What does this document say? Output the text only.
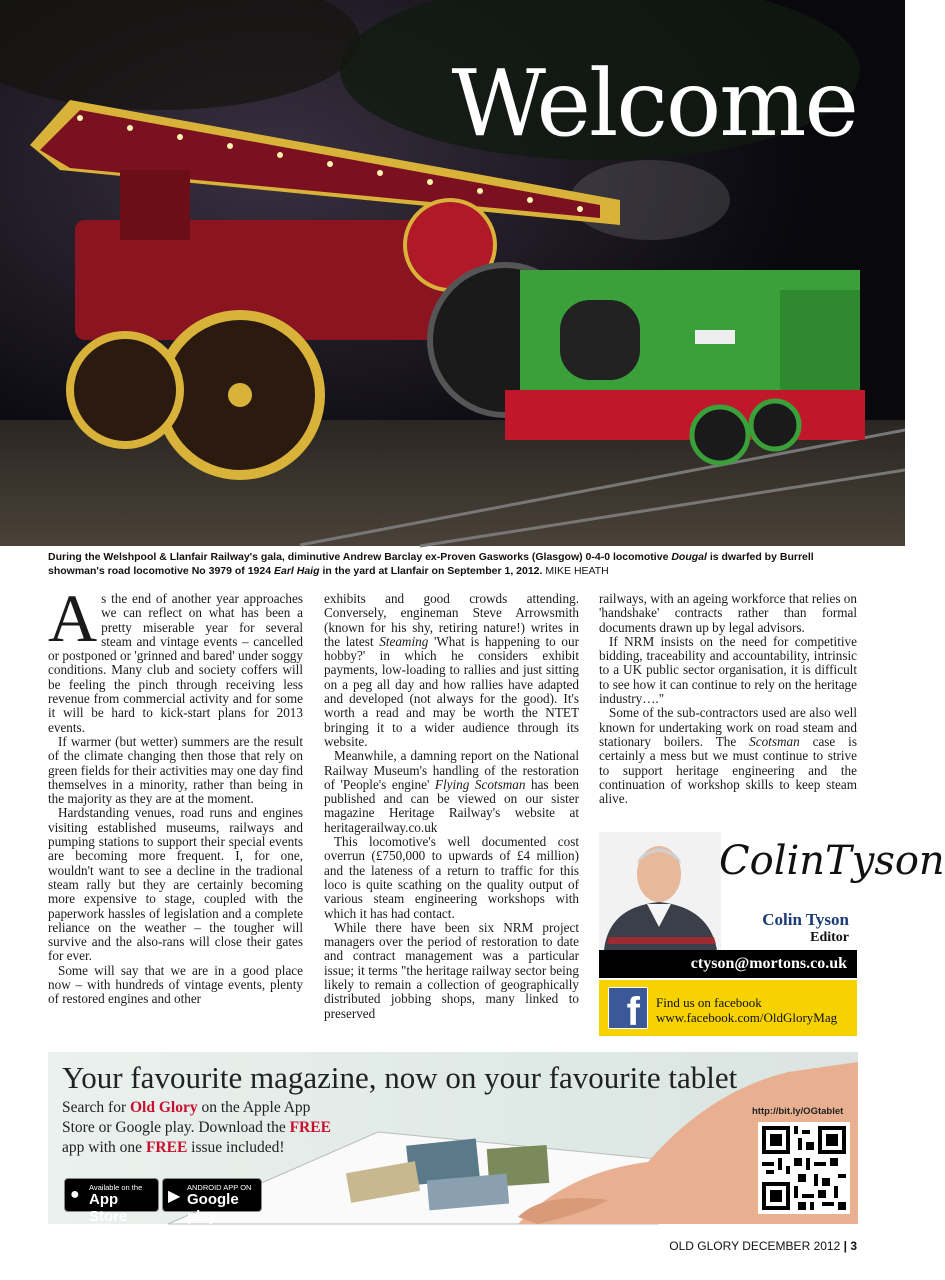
Welcome
During the Welshpool & Llanfair Railway's gala, diminutive Andrew Barclay ex-Proven Gasworks (Glasgow) 0-4-0 locomotive Dougal is dwarfed by Burrell showman's road locomotive No 3979 of 1924 Earl Haig in the yard at Llanfair on September 1, 2012. MIKE HEATH

As the end of another year approaches we can reflect on what has been a pretty miserable year for several steam and vintage events – cancelled or postponed or 'grinned and bared' under soggy conditions. Many club and society coffers will be feeling the pinch through receiving less revenue from commercial activity and for some it will be hard to kick-start plans for 2013 events.

If warmer (but wetter) summers are the result of the climate changing then those that rely on green fields for their activities may one day find themselves in a minority, rather than being in the majority as they are at the moment.

Hardstanding venues, road runs and engines visiting established museums, railways and pumping stations to support their special events are becoming more frequent. I, for one, wouldn't want to see a decline in the tradional steam rally but they are certainly becoming more expensive to stage, coupled with the paperwork hassles of legislation and a complete reliance on the weather – the tougher will survive and the also-rans will close their gates for ever.

Some will say that we are in a good place now – with hundreds of vintage events, plenty of restored engines and other

exhibits and good crowds attending. Conversely, engineman Steve Arrowsmith (known for his shy, retiring nature!) writes in the latest Steaming 'What is happening to our hobby?' in which he considers exhibit payments, low-loading to rallies and just sitting on a peg all day and how rallies have adapted and developed (not always for the good). It's worth a read and may be worth the NTET bringing it to a wider audience through its website.

Meanwhile, a damning report on the National Railway Museum's handling of the restoration of 'People's engine' Flying Scotsman has been published and can be viewed on our sister magazine Heritage Railway's website at heritagerailway.co.uk

This locomotive's well documented cost overrun (£750,000 to upwards of £4 million) and the lateness of a return to traffic for this loco is quite scathing on the quality output of various steam engineering workshops with which it has had contact.

While there have been six NRM project managers over the period of restoration to date and contract management was a particular issue; it terms "the heritage railway sector being likely to remain a collection of geographically distributed jobbing shops, many linked to preserved

railways, with an ageing workforce that relies on 'handshake' contracts rather than formal documents drawn up by legal advisors.

If NRM insists on the need for competitive bidding, traceability and accountability, intrinsic to a UK public sector organisation, it is difficult to see how it can continue to rely on the heritage industry…."

Some of the sub-contractors used are also well known for undertaking work on road steam and stationary boilers. The Scotsman case is certainly a mess but we must continue to strive to support heritage engineering and the continuation of workshop skills to keep steam alive.

ColinTyson
Colin Tyson
Editor
ctyson@mortons.co.uk
f	Find us on facebook
www.facebook.com/OldGloryMag
Your favourite magazine, now on your favourite tablet
Search for Old Glory on the Apple App Store or Google play. Download the FREE app with one FREE issue included!
● Available on the
App Store
▶
ANDROID APP ON
Google play
http://bit.ly/OGtablet
OLD GLORY DECEMBER 2012 | 3
